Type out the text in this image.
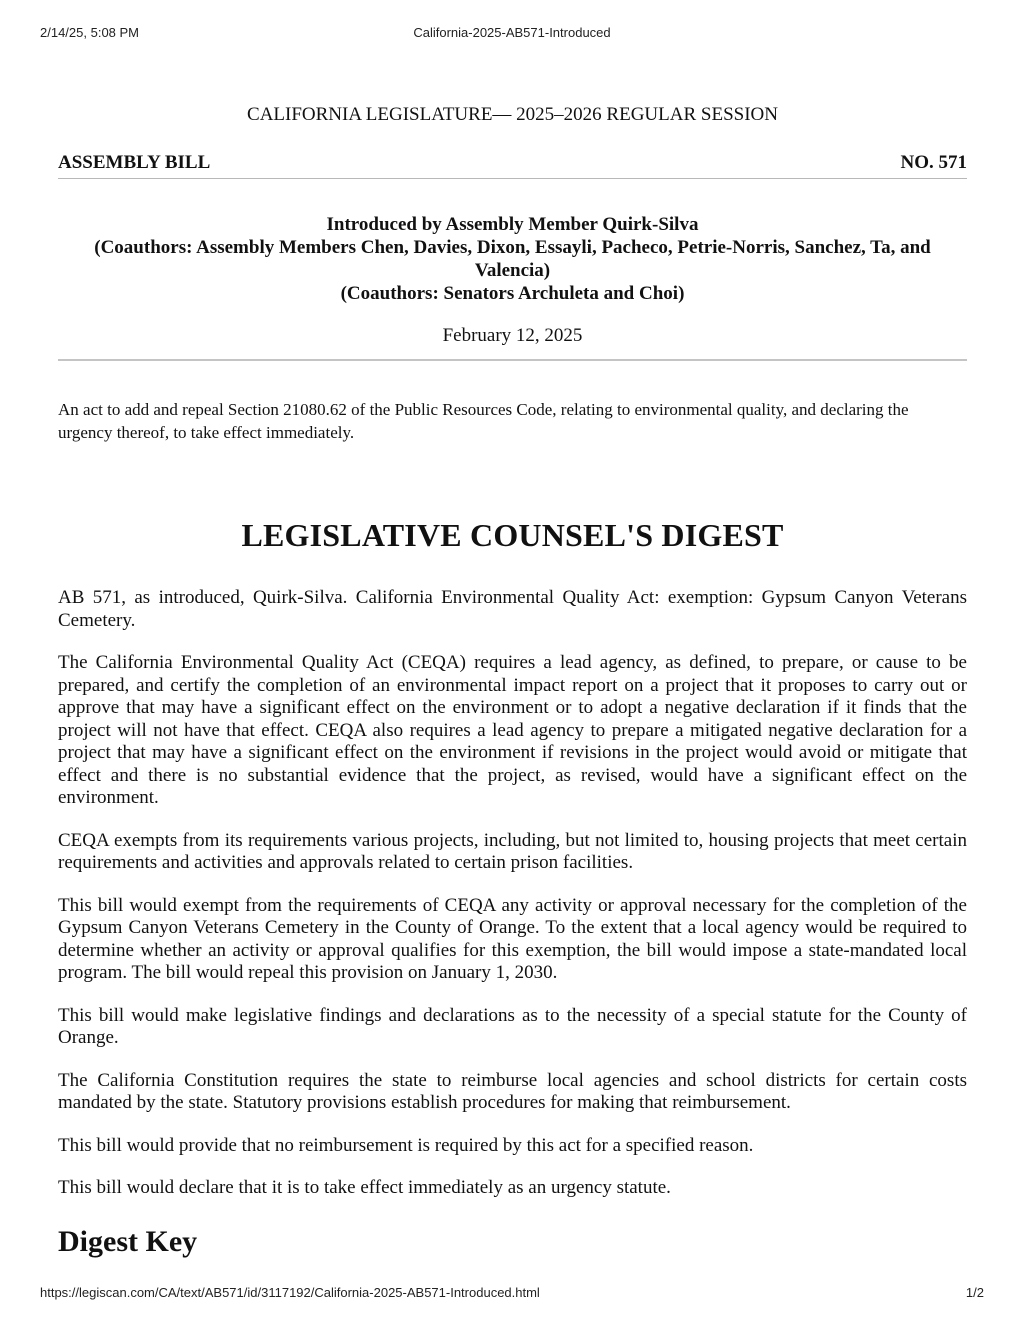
2/14/25, 5:08 PM	California-2025-AB571-Introduced
CALIFORNIA LEGISLATURE— 2025–2026 REGULAR SESSION
ASSEMBLY BILL	NO. 571
Introduced by Assembly Member Quirk-Silva
(Coauthors: Assembly Members Chen, Davies, Dixon, Essayli, Pacheco, Petrie-Norris, Sanchez, Ta, and Valencia)
(Coauthors: Senators Archuleta and Choi)
February 12, 2025
An act to add and repeal Section 21080.62 of the Public Resources Code, relating to environmental quality, and declaring the urgency thereof, to take effect immediately.
LEGISLATIVE COUNSEL'S DIGEST

AB 571, as introduced, Quirk-Silva. California Environmental Quality Act: exemption: Gypsum Canyon Veterans Cemetery.

The California Environmental Quality Act (CEQA) requires a lead agency, as defined, to prepare, or cause to be prepared, and certify the completion of an environmental impact report on a project that it proposes to carry out or approve that may have a significant effect on the environment or to adopt a negative declaration if it finds that the project will not have that effect. CEQA also requires a lead agency to prepare a mitigated negative declaration for a project that may have a significant effect on the environment if revisions in the project would avoid or mitigate that effect and there is no substantial evidence that the project, as revised, would have a significant effect on the environment.

CEQA exempts from its requirements various projects, including, but not limited to, housing projects that meet certain requirements and activities and approvals related to certain prison facilities.

This bill would exempt from the requirements of CEQA any activity or approval necessary for the completion of the Gypsum Canyon Veterans Cemetery in the County of Orange. To the extent that a local agency would be required to determine whether an activity or approval qualifies for this exemption, the bill would impose a state-mandated local program. The bill would repeal this provision on January 1, 2030.

This bill would make legislative findings and declarations as to the necessity of a special statute for the County of Orange.

The California Constitution requires the state to reimburse local agencies and school districts for certain costs mandated by the state. Statutory provisions establish procedures for making that reimbursement.

This bill would provide that no reimbursement is required by this act for a specified reason.

This bill would declare that it is to take effect immediately as an urgency statute.

Digest Key
https://legiscan.com/CA/text/AB571/id/3117192/California-2025-AB571-Introduced.html	1/2
